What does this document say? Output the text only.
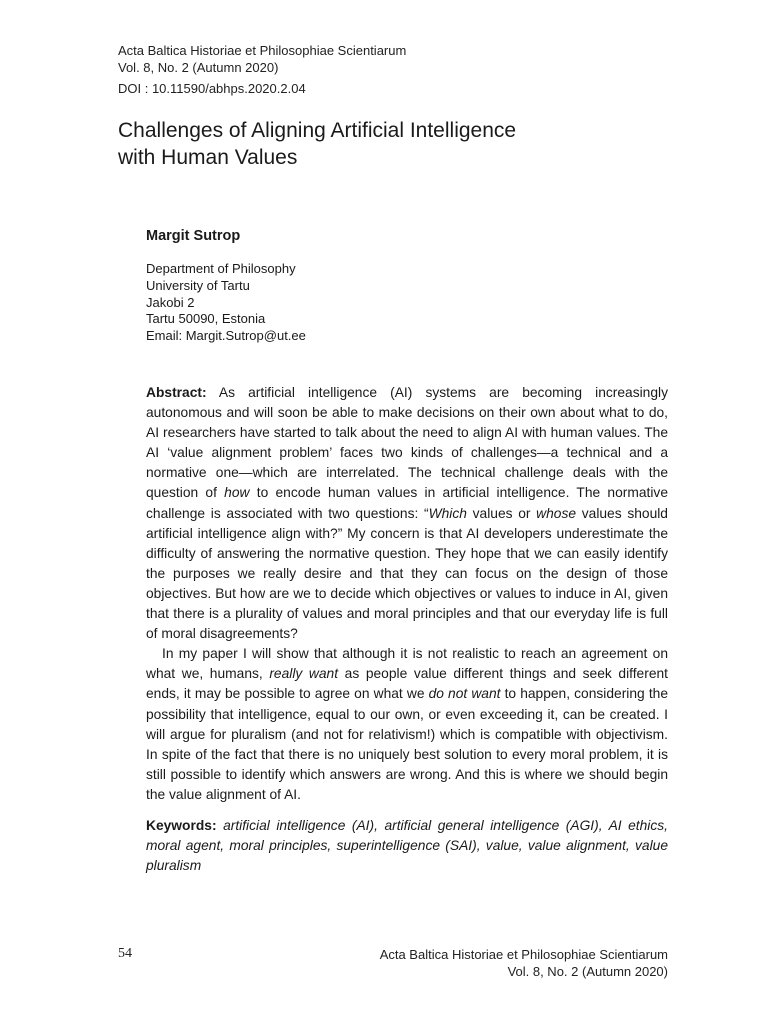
Acta Baltica Historiae et Philosophiae Scientiarum
Vol. 8, No. 2 (Autumn 2020)
DOI : 10.11590/abhps.2020.2.04
Challenges of Aligning Artificial Intelligence
with Human Values

Margit Sutrop

Department of Philosophy
University of Tartu
Jakobi 2
Tartu 50090, Estonia
Email: Margit.Sutrop@ut.ee

Abstract: As artificial intelligence (AI) systems are becoming increasingly autonomous and will soon be able to make decisions on their own about what to do, AI researchers have started to talk about the need to align AI with human values. The AI ‘value alignment problem’ faces two kinds of challenges—a technical and a normative one—which are interrelated. The technical challenge deals with the question of how to encode human values in artificial intelligence. The normative challenge is associated with two questions: “Which values or whose values should artificial intelligence align with?” My concern is that AI developers underestimate the difficulty of answering the normative question. They hope that we can easily identify the purposes we really desire and that they can focus on the design of those objectives. But how are we to decide which objectives or values to induce in AI, given that there is a plurality of values and moral principles and that our everyday life is full of moral disagreements?

In my paper I will show that although it is not realistic to reach an agreement on what we, humans, really want as people value different things and seek different ends, it may be possible to agree on what we do not want to happen, considering the possibility that intelligence, equal to our own, or even exceeding it, can be created. I will argue for pluralism (and not for relativism!) which is compatible with objectivism. In spite of the fact that there is no uniquely best solution to every moral problem, it is still possible to identify which answers are wrong. And this is where we should begin the value alignment of AI.

Keywords: artificial intelligence (AI), artificial general intelligence (AGI), AI ethics, moral agent, moral principles, superintelligence (SAI), value, value alignment, value pluralism

54	Acta Baltica Historiae et Philosophiae Scientiarum
Vol. 8, No. 2 (Autumn 2020)
